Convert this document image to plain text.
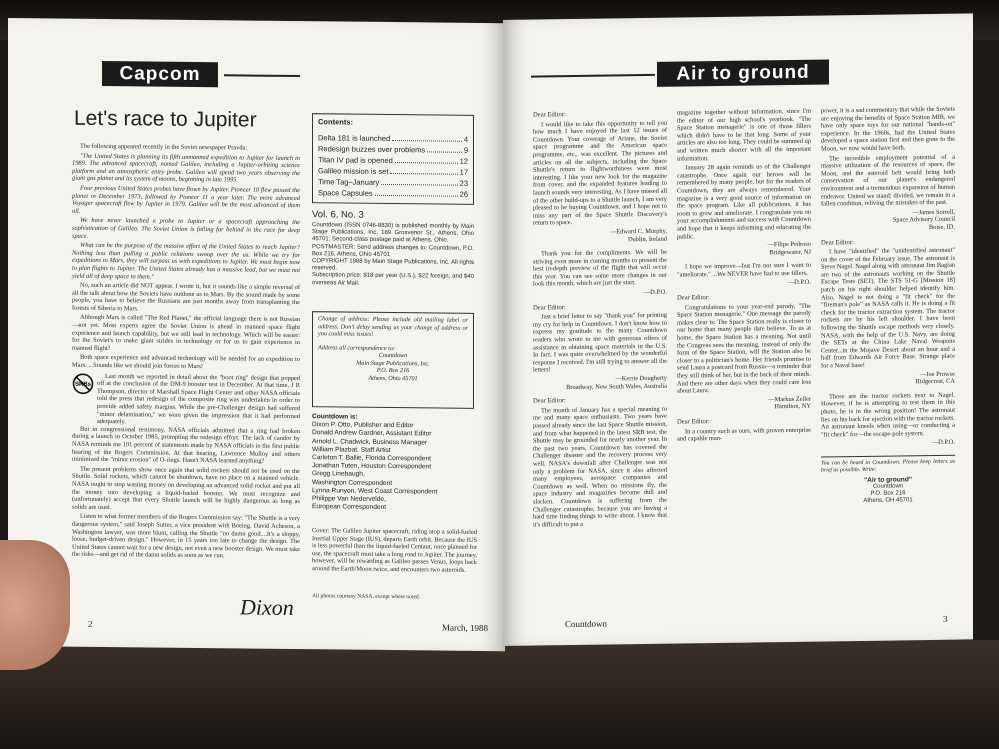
Capcom
Let's race to Jupiter

The following appeared recently in the Soviet newspaper Pravda:

"The United States is planning its fifth unmanned expedition to Jupiter for launch in 1989. The advanced spacecraft, named Galileo, including a Jupiter-orbiting science platform and an atmospheric entry probe. Galileo will spend two years observing the giant gas planet and its system of moons, beginning in late 1995.

Four previous United States probes have flown by Jupiter. Pioneer 10 flew passed the planet in December 1973, followed by Pioneer 11 a year later. The more advanced Voyager spacecraft flew by Jupiter in 1979. Galileo will be the most advanced of them all.

We have never launched a probe to Jupiter or a spacecraft approaching the sophistication of Galileo. The Soviet Union is falling far behind in the race for deep space.

What can be the purpose of the massive effort of the United States to reach Jupiter? Nothing less than pulling a public relations swoop over the us. While we try for expeditions to Mars, they will surpass us with expeditions to Jupiter. We must begin now to plan flights to Jupiter. The United States already has a massive lead, but we must not yield all of deep space to them."

No, such an article did NOT appear. I wrote it, but it sounds like a simple reversal of all the talk about how the Soviets have outdone us to Mars. By the sound made by some people, you have to believe the Russians are just months away from transplanting the forests of Siberia to Mars.

Although Mars is called "The Red Planet," the official language there is not Russian—not yet. Most experts agree the Soviet Union is ahead in manned space flight experience and launch capability, but we still lead in technology. Which will be easier: for the Soviet's to make giant strides in technology or for us to gain experience in manned flight?

Both space experience and advanced technology will be needed for an expedition to Mars. ...Sounds like we should join forces to Mars!

SRBs

Last month we reported in detail about the "boot ring" design that popped off at the conclusion of the DM-9 booster test in December. At that time, J R Thompson, director of Marshall Space Flight Center and other NASA officials told the press that redesign of the composite ring was undertaken in order to provide added safety margins. While the pre-Challenger design had suffered "minor delamination," we were given the impression that it had performed adequately.

But in congressional testimony, NASA officials admitted that a ring had broken during a launch in October 1985, prompting the redesign effort. The lack of candor by NASA reminds me 101 percent of statements made by NASA officials in the first public hearing of the Rogers Commission. At that hearing, Lawrence Mulloy and others minimized the "minor erosion" of O-rings. Hasn't NASA learned anything?

The present problems show once again that solid rockets should not be used on the Shuttle. Solid rockets, which cannot be shutdown, have no place on a manned vehicle. NASA ought to stop wasting money on developing an advanced solid rocket and put all the money into developing a liquid-fueled booster. We must recognize and (unfortunately) accept that every Shuttle launch will be highly dangerous as long as solids are used.

Listen to what former members of the Rogers Commission say: "The Shuttle is a very dangerous system," said Joseph Sutter, a vice president with Boeing. David Acheson, a Washington lawyer, was more blunt, calling the Shuttle "no damn good....It's a sloppy, loose, budget-driven design." However, in 15 years too late to change the design. The United States cannot wait for a new design, not even a new booster design. We must take the risks—and get rid of the damn solids as soon as we can.

Dixon
2	March, 1988
Contents:
Delta 181 is launched	4
Redesign buzzes over problems	9
Titan IV pad is opened	12
Galileo mission is set	17
Time Tag–January	23
Space Capsules	26
Vol. 6, No. 3
Countdown (ISSN 0746-8830) is published monthly by Main Stage Publications, Inc, 189 Grosvenor St., Athens, Ohio 45701. Second-class postage paid at Athens, Ohio.
POSTMASTER: Send address changes to: Countdown, P.O. Box 216, Athens, Ohio 45701
COPYRIGHT 1988 by Main Stage Publications, Inc. All rights reserved.
Subscription price: $18 per year (U.S.), $22 foreign, and $40 overseas Air Mail.
Change of address: Please include old mailing label or address. Don't delay sending us your change of address or you could miss issues!
Address all correspondence to:
Countdown
Main Stage Publications, Inc.
P.O. Box 216
Athens, Ohio 45701
Countdown is:
Dixon P. Otto, Publisher and Editor
Donald Andrew Gardner, Assistant Editor
Arnold L. Chadwick, Business Manager
William Plazbat, Staff Artist
Carleton T. Ballie, Florida Correspondent
Jonathan Tuten, Houston Correspondent
Gregg Linebaugh,
Washington Correspondent
Lynna Runyon, West Coast Correspondent
Philippe Van Nedervelde,
European Correspondent
Cover: The Galileo Jupiter spacecraft, riding atop a solid-fueled Inertial Upper Stage (IUS), departs Earth orbit. Because the IUS is less powerful than the liquid-fueled Centaur, once planned for use, the spacecraft must take a long road to Jupiter. The journey, however, will be rewarding as Galileo passes Venus, loops back around the Earth/Moon twice, and encounters two asteroids.
All photos courtesy NASA, except where noted.
Air to ground
Dear Editor:

I would like to take this opportunity to tell you how much I have enjoyed the last 12 issues of Countdown. Your coverage of Ariane, the Soviet space programme and the American space programme, etc., was excellent. The pictures and articles on all the subjects, including the Space Shuttle's return to flightworthiness were most interesting. I like your new look for the magazine from cover, and the expanded features leading to launch sounds very interesting. As I have missed all of the other build-ups to a Shuttle launch, I am very pleased to be buying Countdown, and I hope not to miss any part of the Space Shuttle Discovery's return to space.

—Edward C. Murphy,
Dublin, Ireland

Thank you for the compliments. We will be striving even more in coming months to present the best in-depth preview of the flight that will occur this year. You can see some more changes in our look this month, which are just the start.

—D.P.O.
Dear Editor:

Just a brief letter to say "thank you" for printing my cry for help in Countdown. I don't know how to express my gratitude to the many Countdown readers who wrote to me with generous offers of assistance in obtaining space materials in the U.S. In fact, I was quite overwhelmed by the wonderful response I received. I'm still trying to answer all the letters!

—Kerrie Dougherty
Broadway, New South Wales, Australia
Dear Editor:

The month of January has a special meaning to me and many space enthusiasts. Two years have passed already since the last Space Shuttle mission, and from what happened in the latest SRB test, the Shuttle may be grounded for nearly another year. In the past two years, Countdown has covered the Challenger disaster and the recovery process very well. NASA's downfall after Challenger was not only a problem for NASA, since it also affected many employees, aerospace companies and Countdown as well. When no missions fly, the space industry and magazines become dull and slacken. Countdown is suffering from the Challenger catastrophe, because you are having a hard time finding things to write about. I know that it's difficult to put a

magazine together without information, since I'm the editor of our high school's yearbook. "The Space Station menagerie" is one of those fillers which didn't have to be that long. Some of your articles are also too long. They could be summed up and written much shorter with all the important information.

January 28 again reminds us of the Challenger catastrophe. Once again our heroes will be remembered by many people, but for the readers of Countdown, they are always remembered. Your magazine is a very good source of information on the space program. Like all publications, it has room to grow and ameliorate. I congratulate you on your accomplishments and success with Countdown and hope that it keeps informing and educating the public.

—Filipe Pedroso
Bridgewater, NJ

I hope we improve—but I'm not sure I want to "ameliorate." ...We NEVER have had to use fillers.

—D.P.O.
Dear Editor:

Congratulations to your year-end parody, "The Space Station menagerie." One message the parody makes clear is: The Space Station really is closer to our home than many people dare believe. To us at home, the Space Station has a meaning. Not until the Congress sees the meaning, instead of only the form of the Space Station, will the Station also be closer to a politician's home. Her friends promise to send Laura a postcard from Russia—a reminder that they still think of her, but in the back of their minds. And there are other days when they could care less about Laura.

—Markus Zeller
Hamilton, NY
Dear Editor:

In a country such as ours, with proven enterprise and capable man-

power, it is a sad commentary that while the Soviets are enjoying the benefits of Space Station MIR, we have only space toys for our national "hands-on" experience. In the 1960s, had the United States developed a space station first and then gone to the Moon, we now would have both.

The incredible employment potential of a massive utilization of the resources of space, the Moon, and the asteroid belt would bring both conservation of our planet's endangered environment and a tremendous expansion of human endeavor. United we stand; divided, we remain in a fallen condition, reliving the mistakes of the past.

—James Sorrell,
Space Advisory Council
Boise, ID.
Dear Editor:

I have "identified" the "unidentified astronaut" on the cover of the February issue. The astronaut is Steve Nagel. Nagel along with astronaut Jim Bagian are two of the astronauts working on the Shuttle Escape Tests (SET). The STS 51-G [Mission 18] patch on his right shoulder helped identify him. Also, Nagel is not doing a "fit check" for the "fireman's pole" as NASA calls it. He is doing a fit check for the tractor extraction system. The tractor rockets are by his left shoulder. I have been following the Shuttle escape methods very closely. NASA, with the help of the U.S. Navy, are doing the SETs at the China Lake Naval Weapons Center...in the Mojave Desert about an hour and a half from Edwards Air Force Base. Strange place for a Naval base!

—Joe Prowse
Ridgecrest, CA

Those are the tractor rockets next to Nagel. However, if he is attempting to test them in this photo, he is in the wrong position! The astronaut lies on his back for ejection with the tractor rockets. An astronaut kneels when using—or conducting a "fit check" for—the escape-pole system.

—D.P.O.
You can be heard in Countdown. Please keep letters as brief as possible. Write:
"Air to ground"
Countdown
P.O. Box 216
Athens, OH 45701
Countdown	3
